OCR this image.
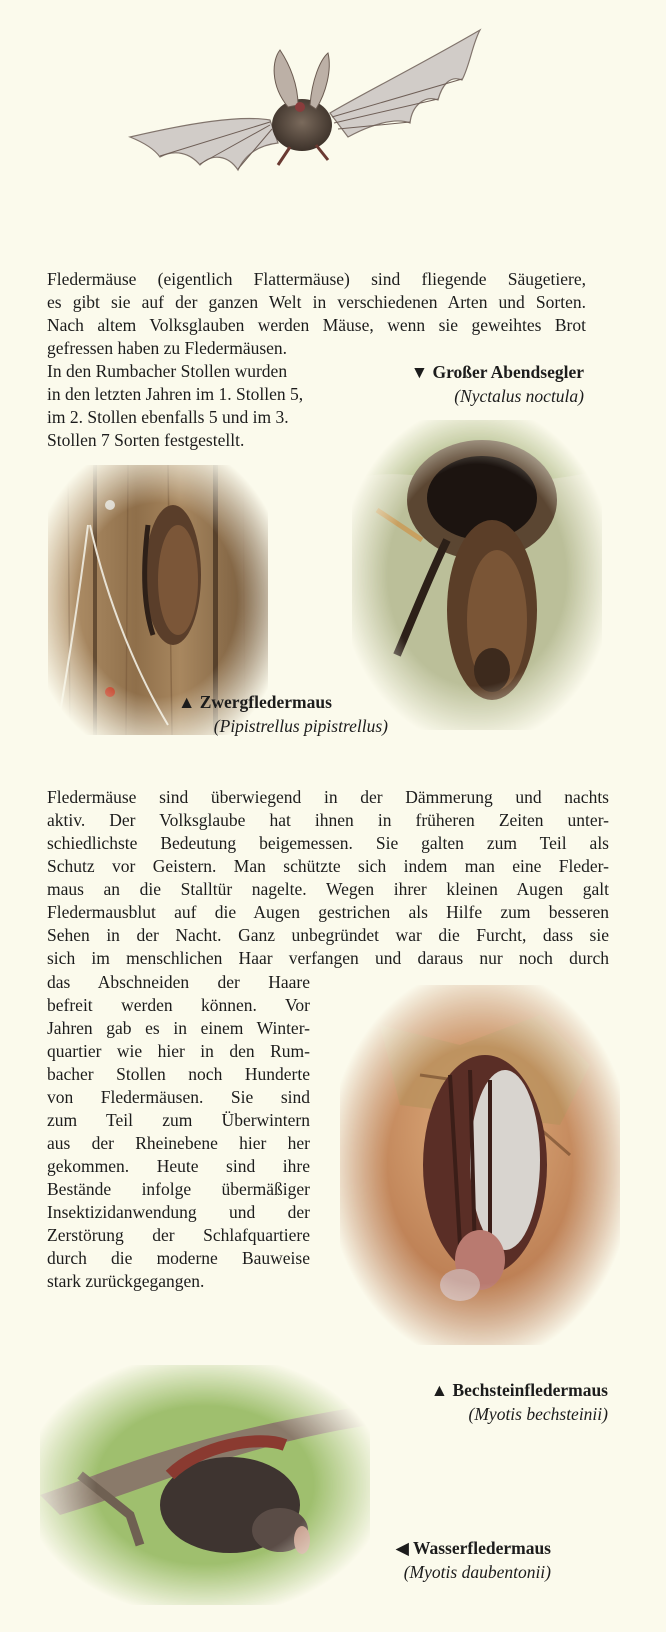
Fledermäuse (eigentlich Flattermäuse) sind fliegende Säugetiere,
es gibt sie auf der ganzen Welt in verschiedenen Arten und Sorten.
Nach altem Volksglauben werden Mäuse, wenn sie geweihtes Brot
gefressen haben zu Fledermäusen.
In den Rumbacher Stollen wurden
in den letzten Jahren im 1. Stollen 5,
im 2. Stollen ebenfalls 5 und im 3.
Stollen 7 Sorten festgestellt.
▼ Großer Abendsegler
(Nyctalus noctula)
▲ Zwergfledermaus
(Pipistrellus pipistrellus)
Fledermäuse sind überwiegend in der Dämmerung und nachts
aktiv. Der Volksglaube hat ihnen in früheren Zeiten unter-
schiedlichste Bedeutung beigemessen. Sie galten zum Teil als
Schutz vor Geistern. Man schützte sich indem man eine Fleder-
maus an die Stalltür nagelte. Wegen ihrer kleinen Augen galt
Fledermausblut auf die Augen gestrichen als Hilfe zum besseren
Sehen in der Nacht. Ganz unbegründet war die Furcht, dass sie
sich im menschlichen Haar verfangen und daraus nur noch durch
das Abschneiden der Haare
befreit werden können. Vor
Jahren gab es in einem Winter-
quartier wie hier in den Rum-
bacher Stollen noch Hunderte
von Fledermäusen. Sie sind
zum Teil zum Überwintern
aus der Rheinebene hier her
gekommen. Heute sind ihre
Bestände infolge übermäßiger
Insektizidanwendung und der
Zerstörung der Schlafquartiere
durch die moderne Bauweise
stark zurückgegangen.
▲ Bechsteinfledermaus
(Myotis bechsteinii)
◀ Wasserfledermaus
(Myotis daubentonii)
